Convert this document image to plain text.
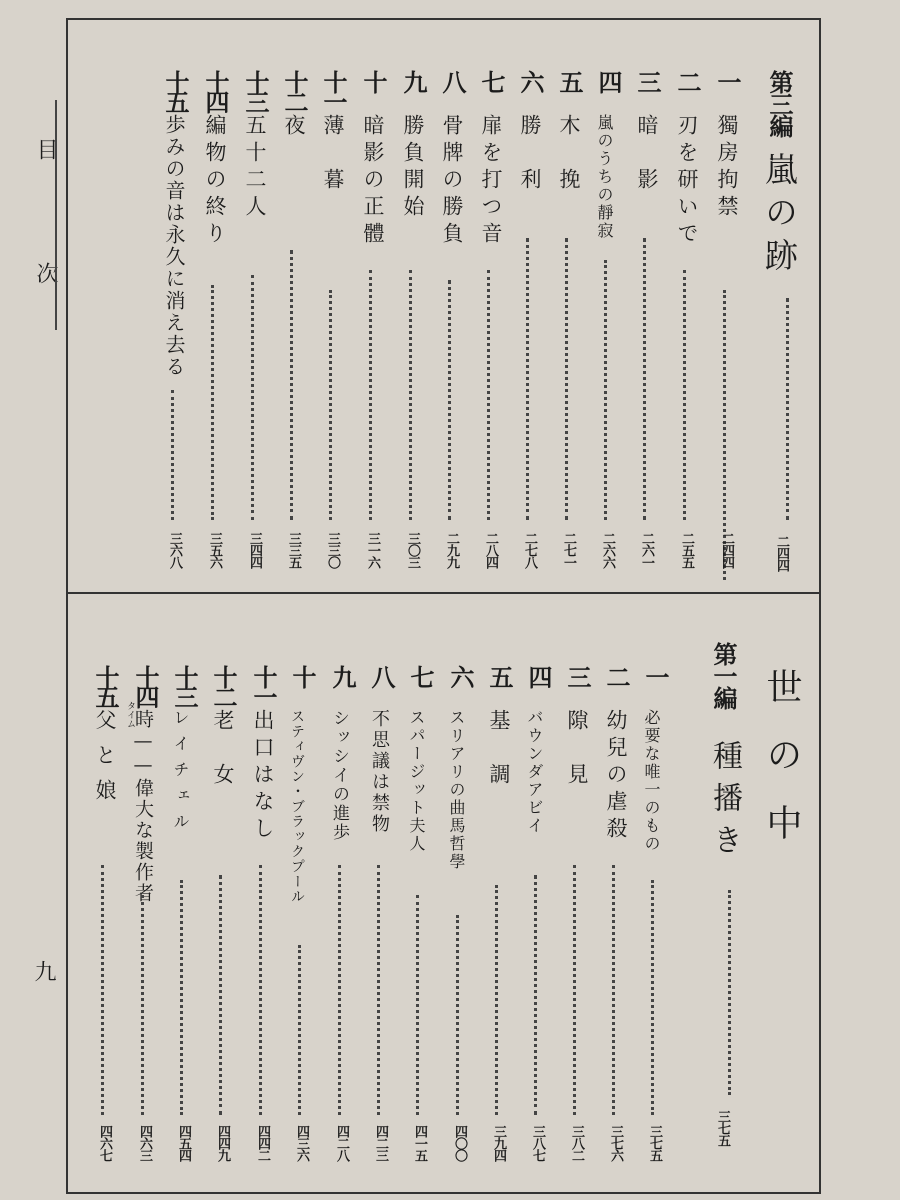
目
次
九
第三編
嵐の跡
二四四
一
獨房拘禁
二四四
二
刃を研いで
二五五
三
暗　影
二六一
四
嵐のうちの靜寂
二六六
五
木　挽
二七一
六
勝　利
二七八
七
扉を打つ音
二八四
八
骨牌の勝負
二九九
九
勝負開始
三〇三
十
暗影の正體
三一六
十一
薄　暮
三三〇
十二
夜
三三五
十三
五十二人
三四四
十四
編物の終り
三五六
十五
歩みの音は永久に消え去る
三六八
世の中
第一編
種播き
三七五
一
必要な唯一のもの
三七五
二
幼兒の虐殺
三七六
三
隙　見
三八二
四
バウンダアビイ
三八七
五
基　調
三九四
六
スリアリの曲馬哲學
四〇〇
七
スパージット夫人
四一五
八
不思議は禁物
四二三
九
シッシイの進歩
四二八
十
スティヴン・ブラックプール
四三六
十一
出口はなし
四四二
十二
老　女
四四九
十三
レイチェル
四五四
十四
タイム
時——偉大な製作者
四六三
十五
父と娘
四六七
